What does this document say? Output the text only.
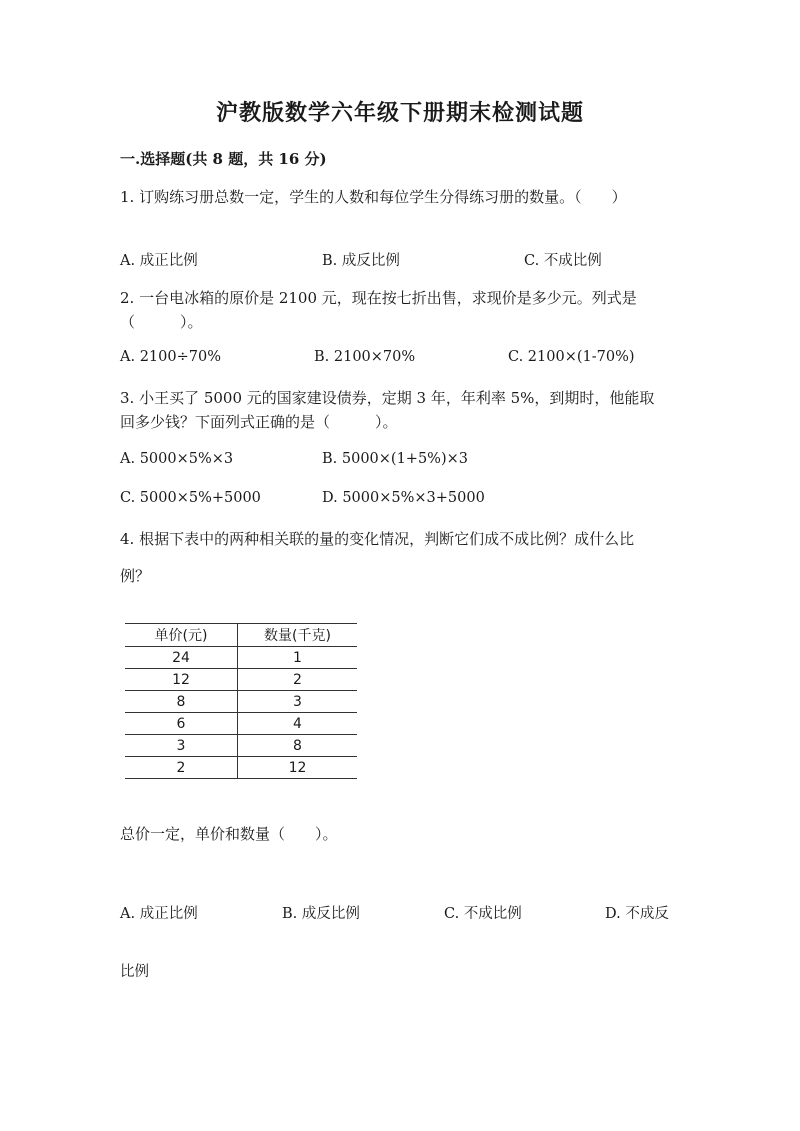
沪教版数学六年级下册期末检测试题
一.选择题(共 8 题，共 16 分)
1. 订购练习册总数一定，学生的人数和每位学生分得练习册的数量。（　　）
A. 成正比例	B. 成反比例	C. 不成比例
2. 一台电冰箱的原价是 2100 元，现在按七折出售，求现价是多少元。列式是
（　　　）。
A. 2100÷70%	B. 2100×70%	C. 2100×(1-70%)
3. 小王买了 5000 元的国家建设债券，定期 3 年，年利率 5%，到期时，他能取
回多少钱？下面列式正确的是（　　　）。
A. 5000×5%×3	B. 5000×(1+5%)×3
C. 5000×5%+5000	D. 5000×5%×3+5000
4. 根据下表中的两种相关联的量的变化情况，判断它们成不成比例？成什么比
例？
单价(元)	数量(千克)
24	1
12	2
8	3
6	4
3	8
2	12
总价一定，单价和数量（　　）。
A. 成正比例	B. 成反比例	C. 不成比例	D. 不成反
比例
